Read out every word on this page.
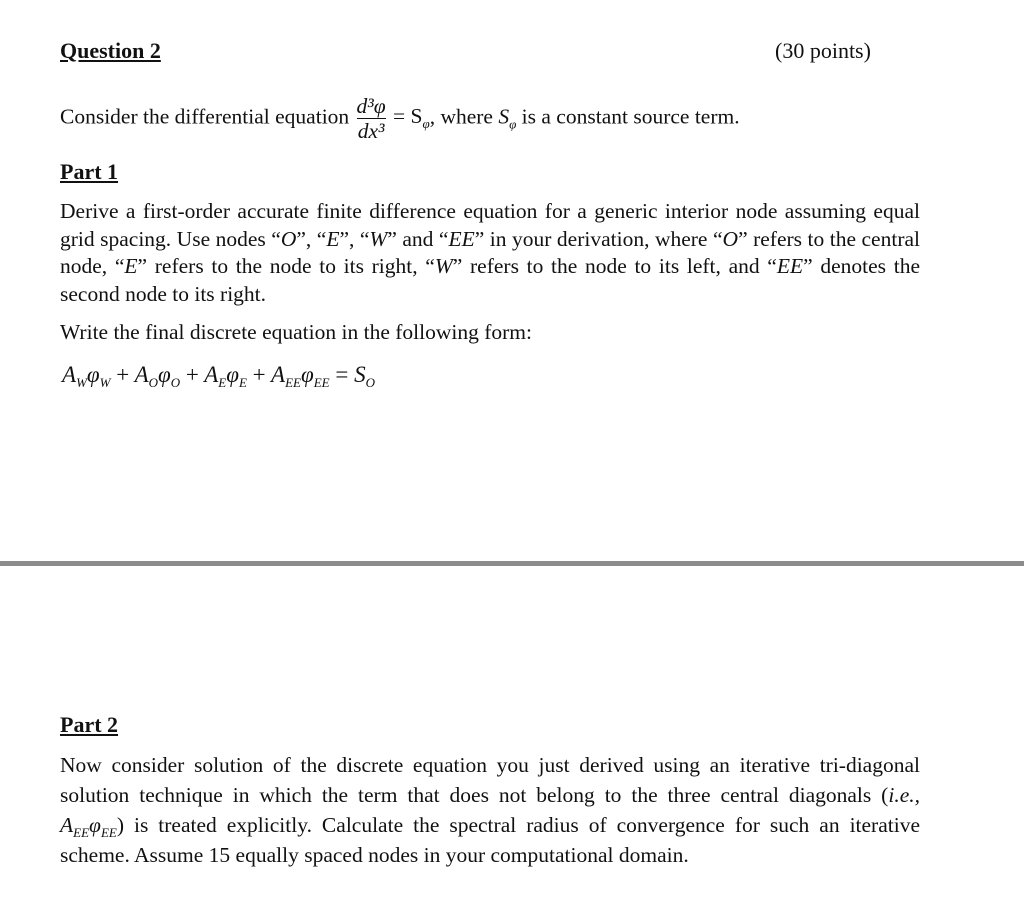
Question 2	(30 points)
Consider the differential equation $\frac{\text{d³φ}}{\text{dx³}} = S_\varphi$, where $S_\varphi$ is a constant source term.
Part 1
Derive a first-order accurate finite difference equation for a generic interior node assuming equal grid spacing. Use nodes “O”, “E”, “W” and “EE” in your derivation, where “O” refers to the central node, “E” refers to the node to its right, “W” refers to the node to its left, and “EE” denotes the second node to its right.
Write the final discrete equation in the following form:
$A_W\varphi_W + A_O\varphi_O + A_E\varphi_E + A_{EE}\varphi_{EE} = S_O$
Part 2
Now consider solution of the discrete equation you just derived using an iterative tri-diagonal solution technique in which the term that does not belong to the three central diagonals (i.e., $A_{EE}\varphi_{EE}$) is treated explicitly. Calculate the spectral radius of convergence for such an iterative scheme. Assume 15 equally spaced nodes in your computational domain.
